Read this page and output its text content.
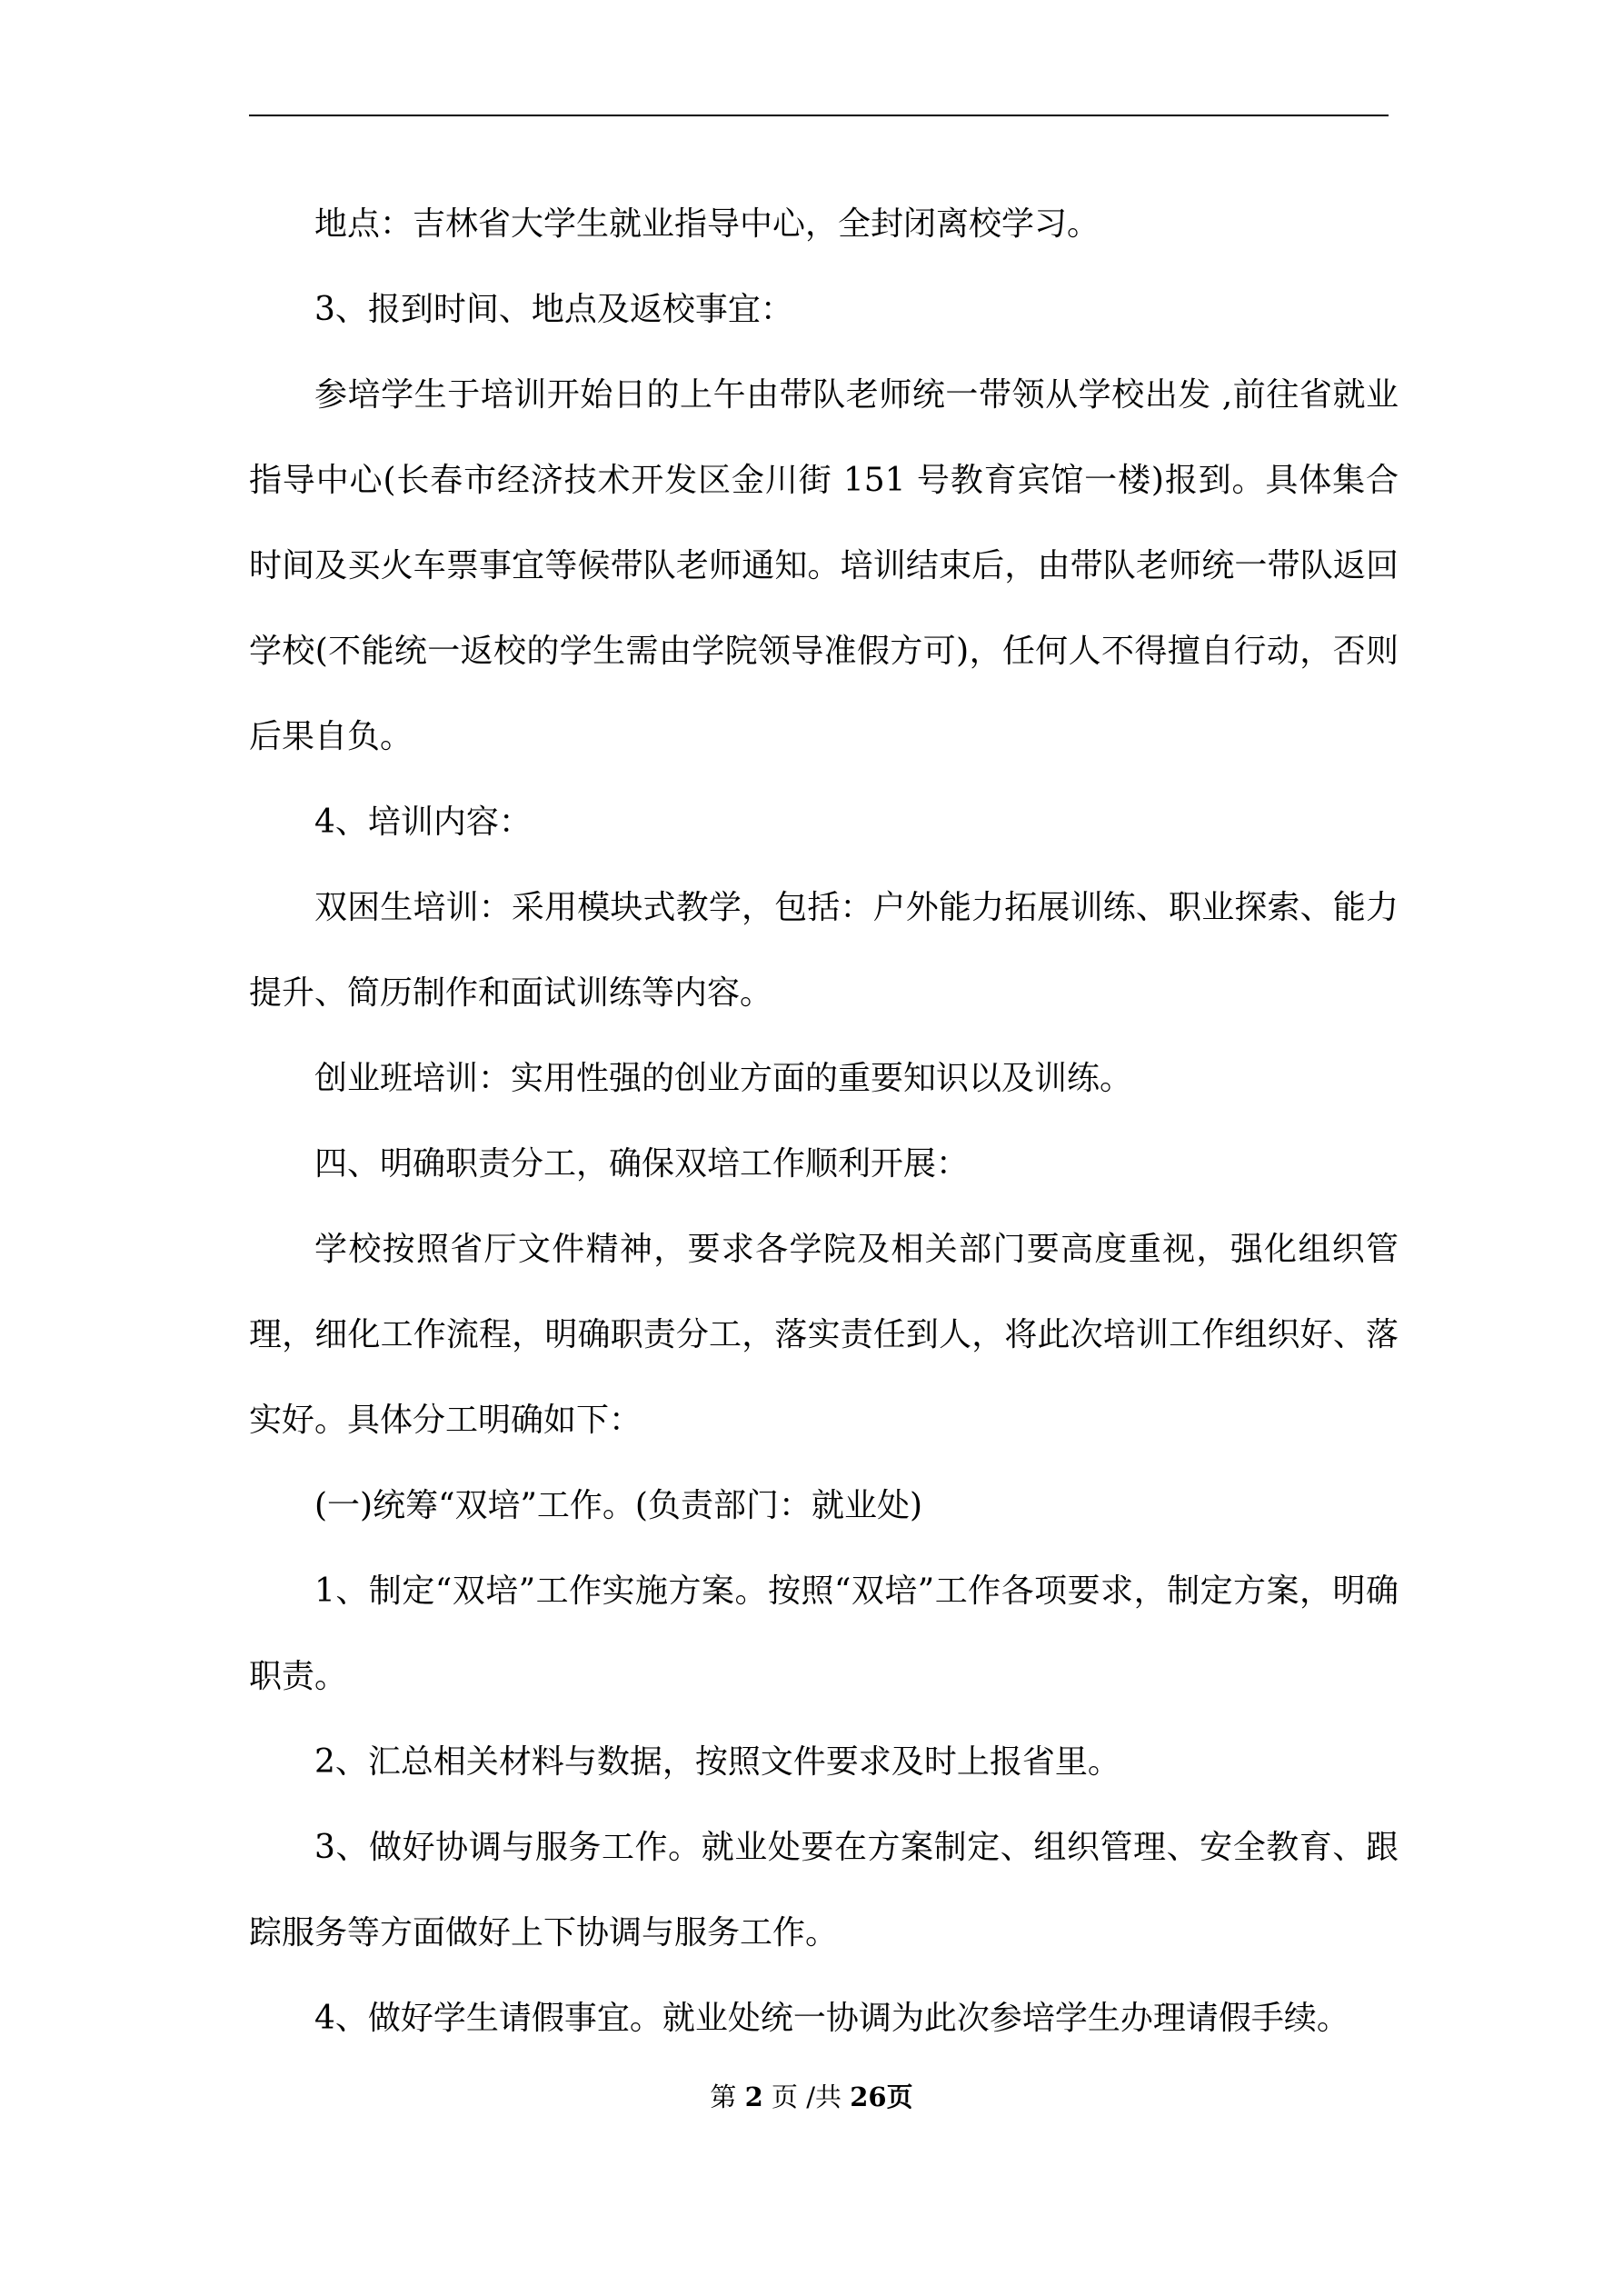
地点：吉林省大学生就业指导中心，全封闭离校学习。

3、报到时间、地点及返校事宜：

参培学生于培训开始日的上午由带队老师统一带领从学校出发 ,前往省就业指导中心(长春市经济技术开发区金川街 151 号教育宾馆一楼)报到。具体集合时间及买火车票事宜等候带队老师通知。培训结束后，由带队老师统一带队返回学校(不能统一返校的学生需由学院领导准假方可)，任何人不得擅自行动，否则后果自负。

4、培训内容：

双困生培训：采用模块式教学，包括：户外能力拓展训练、职业探索、能力提升、简历制作和面试训练等内容。

创业班培训：实用性强的创业方面的重要知识以及训练。

四、明确职责分工，确保双培工作顺利开展：

学校按照省厅文件精神，要求各学院及相关部门要高度重视，强化组织管理，细化工作流程，明确职责分工，落实责任到人，将此次培训工作组织好、落实好。具体分工明确如下：

(一)统筹“双培”工作。(负责部门：就业处)

1、制定“双培”工作实施方案。按照“双培”工作各项要求，制定方案，明确职责。

2、汇总相关材料与数据，按照文件要求及时上报省里。

3、做好协调与服务工作。就业处要在方案制定、组织管理、安全教育、跟踪服务等方面做好上下协调与服务工作。

4、做好学生请假事宜。就业处统一协调为此次参培学生办理请假手续。

第 2 页 /共 26页
